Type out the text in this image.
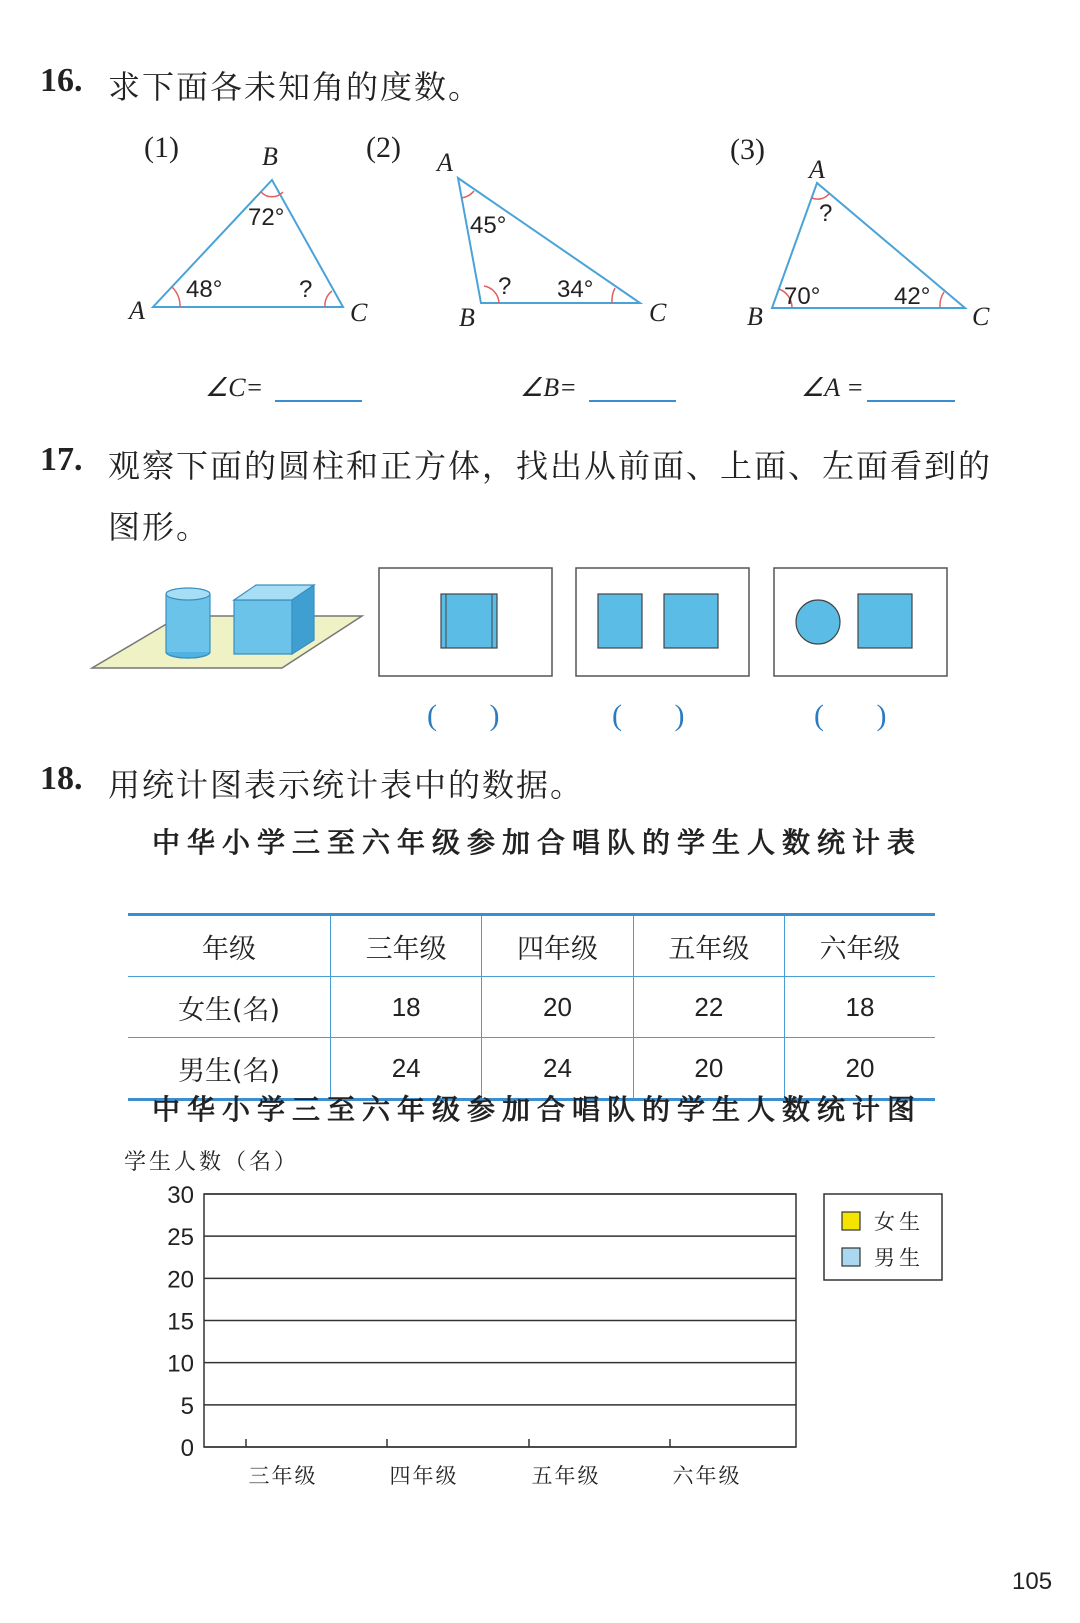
16. 求下面各未知角的度数。
(1)	(2)	(3)
B
A	C
72°
48°	?
A
B	C
45°
? 34°
A
B	C
?
70°	42°
∠C=	∠B=	∠A =
17. 观察下面的圆柱和正方体，找出从前面、上面、左面看到的
图形。
(       )	(       )	(       )
18. 用统计图表示统计表中的数据。
中华小学三至六年级参加合唱队的学生人数统计表
年级	三年级	四年级	五年级	六年级
女生(名)	18	20	22	18
男生(名)	24	24	20	20
中华小学三至六年级参加合唱队的学生人数统计图
学生人数（名）
30
25
20
15
10
5
0
三年级	四年级	五年级	六年级
女生
男生
105
